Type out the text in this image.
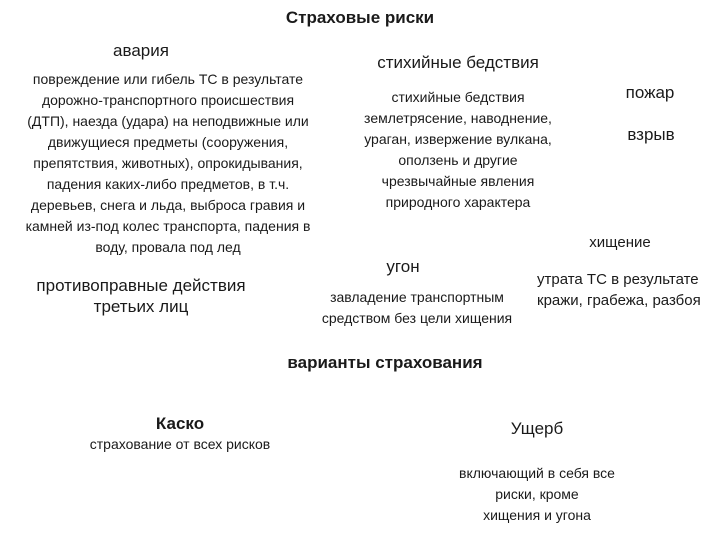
Страховые риски
авария
повреждение или гибель ТС в результате
дорожно-транспортного происшествия
(ДТП), наезда (удара) на неподвижные или
движущиеся предметы (сооружения,
препятствия, животных), опрокидывания,
падения каких-либо предметов, в т.ч.
деревьев, снега и льда, выброса гравия и
камней из-под колес транспорта, падения в
воду, провала под лед
стихийные бедствия
стихийные бедствия
землетрясение, наводнение,
ураган, извержение вулкана,
оползень и другие
чрезвычайные явления
природного характера
пожар
взрыв
хищение
утрата ТС в результате
кражи, грабежа, разбоя
угон
завладение транспортным
средством без цели хищения
противоправные действия
третьих лиц
варианты страхования
Каско
страхование от всех рисков
Ущерб
включающий в себя все риски, кроме
хищения и угона
